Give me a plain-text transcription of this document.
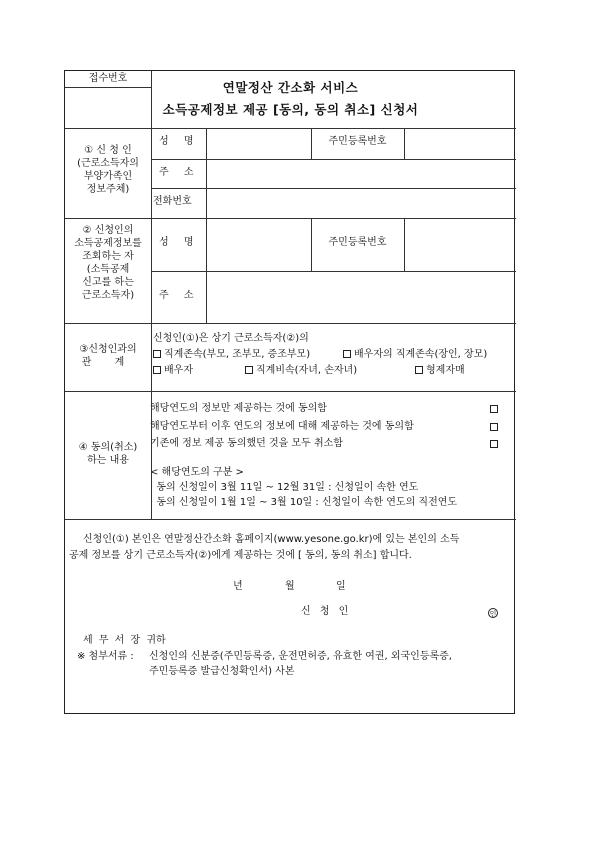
접수번호
연말정산 간소화 서비스
소득공제정보 제공 [동의, 동의 취소] 신청서
① 신 청 인
(근로소득자의
부양가족인
정보주체)
성 명	주민등록번호
주 소
전화번호
② 신청인의
소득공제정보를
조회하는 자
(소득공제
신고를 하는
근로소득자)
성 명	주민등록번호
주 소
③신청인과의
관 계
신청인(①)은 상기 근로소득자(②)의
직계존속(부모, 조부모, 증조부모)	배우자의 직계존속(장인, 장모)
배우자	직계비속(자녀, 손자녀)	형제자매
④ 동의(취소)
하는 내용
해당연도의 정보만 제공하는 것에 동의함
해당연도부터 이후 연도의 정보에 대해 제공하는 것에 동의함
기존에 정보 제공 동의했던 것을 모두 취소함
< 해당연도의 구분 >
· 동의 신청일이 3월 11일 ~ 12월 31일 : 신청일이 속한 연도
· 동의 신청일이 1월 1일 ~ 3월 10일 : 신청일이 속한 연도의 직전연도
신청인(①) 본인은 연말정산간소화 홈페이지(www.yesone.go.kr)에 있는 본인의 소득
공제 정보를 상기 근로소득자(②)에게 제공하는 것에 [ 동의, 동의 취소] 합니다.
년	월	일
신 청 인	인
세 무 서 장 귀하
※ 첨부서류 : 신청인의 신분증(주민등록증, 운전면허증, 유효한 여권, 외국인등록증,
주민등록증 발급신청확인서) 사본
